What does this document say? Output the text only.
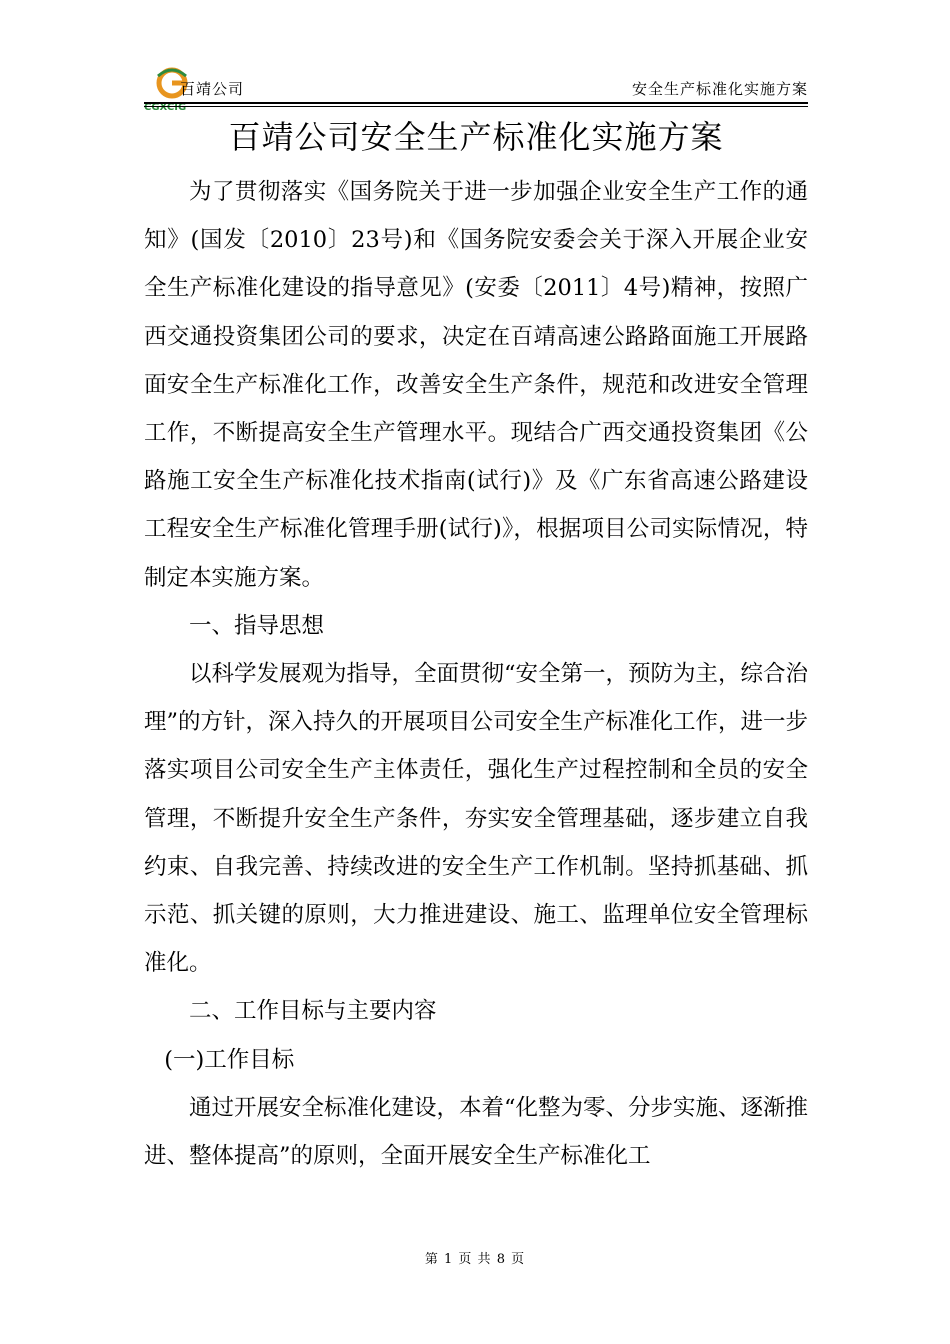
CGXCIG
百靖公司	安全生产标准化实施方案
百靖公司安全生产标准化实施方案

为了贯彻落实《国务院关于进一步加强企业安全生产工作的通知》(国发〔2010〕23号)和《国务院安委会关于深入开展企业安全生产标准化建设的指导意见》(安委〔2011〕4号)精神，按照广西交通投资集团公司的要求，决定在百靖高速公路路面施工开展路面安全生产标准化工作，改善安全生产条件，规范和改进安全管理工作，不断提高安全生产管理水平。现结合广西交通投资集团《公路施工安全生产标准化技术指南(试行)》及《广东省高速公路建设工程安全生产标准化管理手册(试行)》，根据项目公司实际情况，特制定本实施方案。

一、指导思想

以科学发展观为指导，全面贯彻“安全第一，预防为主，综合治理”的方针，深入持久的开展项目公司安全生产标准化工作，进一步落实项目公司安全生产主体责任，强化生产过程控制和全员的安全管理，不断提升安全生产条件，夯实安全管理基础，逐步建立自我约束、自我完善、持续改进的安全生产工作机制。坚持抓基础、抓示范、抓关键的原则，大力推进建设、施工、监理单位安全管理标准化。

二、工作目标与主要内容

(一)工作目标

通过开展安全标准化建设，本着“化整为零、分步实施、逐渐推进、整体提高”的原则，全面开展安全生产标准化工

第 1 页 共 8 页
